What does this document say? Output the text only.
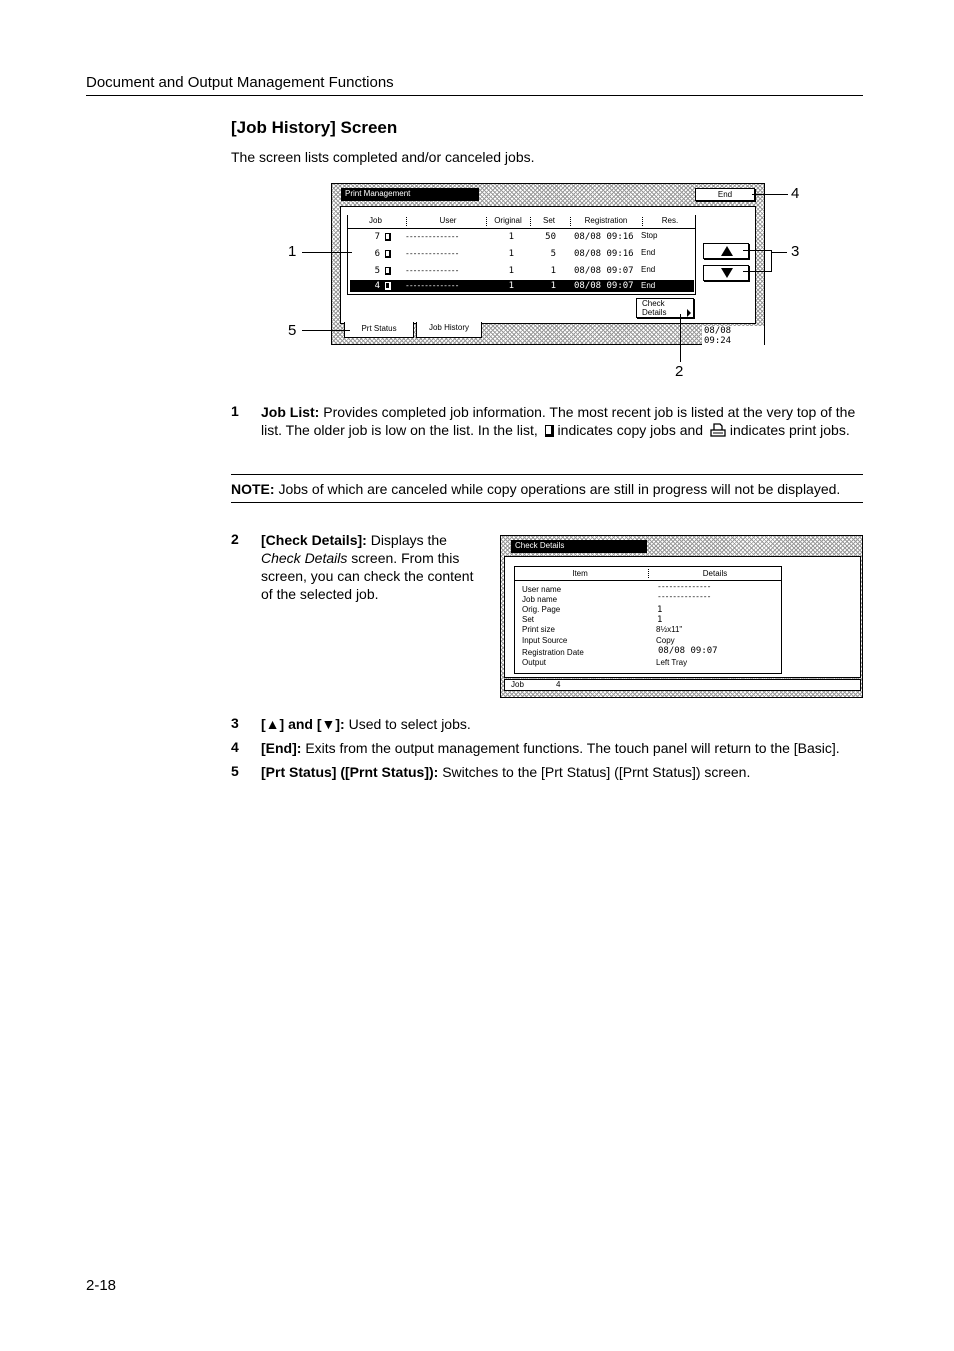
Document and Output Management Functions
[Job History] Screen
The screen lists completed and/or canceled jobs.
Print Management	End
Job	User	Original	Set	Registration	Res.
7	--------------	1	50 08/08 09:16 Stop
6	--------------	1	5 08/08 09:16 End
5	--------------	1	1 08/08 09:07 End
4	--------------	1	1 08/08 09:07 End
Check
Details
Prt Status	Job History	08/08 09:24
1
5
4
3
2
1 Job List: Provides completed job information. The most recent job is listed at the very top of the list. The older job is low on the list. In the list,  indicates copy jobs and  indicates print jobs.
NOTE: Jobs of which are canceled while copy operations are still in progress will not be displayed.
2 [Check Details]: Displays the Check Details screen. From this screen, you can check the content of the selected job.
Check Details
Item	Details
User name	--------------
Job name	--------------
Orig. Page	1
Set	1
Print size	8½x11"
Input Source	Copy
Registration Date	08/08 09:07
Output	Left Tray
Job	4
3 [▲] and [▼]: Used to select jobs.
4 [End]: Exits from the output management functions. The touch panel will return to the [Basic].
5 [Prt Status] ([Prnt Status]): Switches to the [Prt Status] ([Prnt Status]) screen.
2-18
